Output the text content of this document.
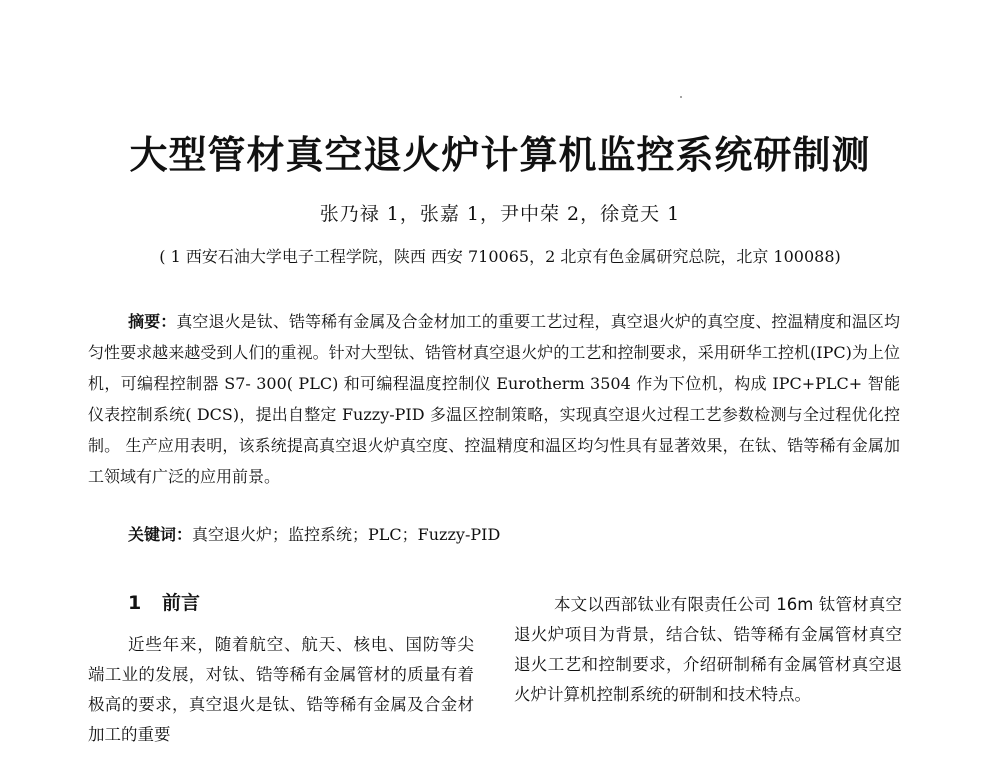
大型管材真空退火炉计算机监控系统研制测
张乃禄 1，张嘉 1，尹中荣 2，徐竟天 1
( 1 西安石油大学电子工程学院，陕西 西安 710065，2 北京有色金属研究总院，北京 100088)
摘要：真空退火是钛、锆等稀有金属及合金材加工的重要工艺过程，真空退火炉的真空度、控温精度和温区均匀性要求越来越受到人们的重视。针对大型钛、锆管材真空退火炉的工艺和控制要求，采用研华工控机(IPC)为上位机，可编程控制器 S7- 300( PLC) 和可编程温度控制仪 Eurotherm 3504 作为下位机，构成 IPC+PLC+ 智能仪表控制系统( DCS)，提出自整定 Fuzzy-PID 多温区控制策略，实现真空退火过程工艺参数检测与全过程优化控制。 生产应用表明，该系统提高真空退火炉真空度、控温精度和温区均匀性具有显著效果，在钛、锆等稀有金属加工领域有广泛的应用前景。
关键词：真空退火炉；监控系统；PLC；Fuzzy-PID
1 前言

近些年来，随着航空、航天、核电、国防等尖端工业的发展，对钛、锆等稀有金属管材的质量有着极高的要求，真空退火是钛、锆等稀有金属及合金材加工的重要

本文以西部钛业有限责任公司 16m 钛管材真空退火炉项目为背景，结合钛、锆等稀有金属管材真空退火工艺和控制要求，介绍研制稀有金属管材真空退火炉计算机控制系统的研制和技术特点。
